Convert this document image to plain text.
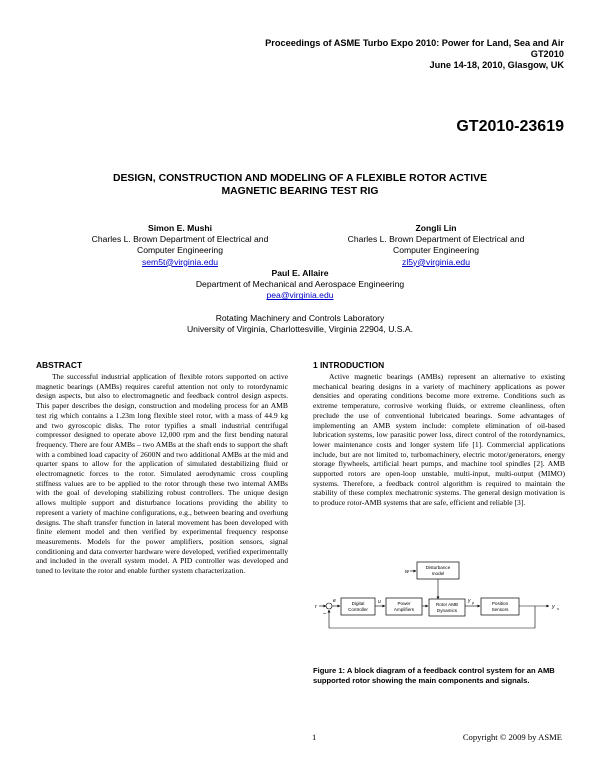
Proceedings of ASME Turbo Expo 2010: Power for Land, Sea and Air
GT2010
June 14-18, 2010, Glasgow, UK
GT2010-23619
DESIGN, CONSTRUCTION AND MODELING OF A FLEXIBLE ROTOR ACTIVE
MAGNETIC BEARING TEST RIG
Simon E. Mushi
Charles L. Brown Department of Electrical and
Computer Engineering
sem5t@virginia.edu
Zongli Lin
Charles L. Brown Department of Electrical and
Computer Engineering
zl5y@virginia.edu
Paul E. Allaire
Department of Mechanical and Aerospace Engineering
pea@virginia.edu
Rotating Machinery and Controls Laboratory
University of Virginia, Charlottesville, Virginia 22904, U.S.A.
ABSTRACT

The successful industrial application of flexible rotors supported on active magnetic bearings (AMBs) requires careful attention not only to rotordynamic design aspects, but also to electromagnetic and feedback control design aspects. This paper describes the design, construction and modeling process for an AMB test rig which contains a 1.23m long flexible steel rotor, with a mass of 44.9 kg and two gyroscopic disks. The rotor typifies a small industrial centrifugal compressor designed to operate above 12,000 rpm and the first bending natural frequency. There are four AMBs – two AMBs at the shaft ends to support the shaft with a combined load capacity of 2600N and two additional AMBs at the mid and quarter spans to allow for the application of simulated destabilizing fluid or electromagnetic forces to the rotor. Simulated aerodynamic cross coupling stiffness values are to be applied to the rotor through these two internal AMBs with the goal of developing stabilizing robust controllers. The unique design allows multiple support and disturbance locations providing the ability to represent a variety of machine configurations, e.g., between bearing and overhung designs. The shaft transfer function in lateral movement has been developed with finite element model and then verified by experimental frequency response measurements. Models for the power amplifiers, position sensors, signal conditioning and data converter hardware were developed, verified experimentally and included in the overall system model. A PID controller was developed and tuned to levitate the rotor and enable further system characterization.

1 INTRODUCTION

Active magnetic bearings (AMBs) represent an alternative to existing mechanical bearing designs in a variety of machinery applications as power densities and operating conditions become more extreme. Conditions such as extreme temperature, corrosive working fluids, or extreme cleanliness, often preclude the use of conventional lubricated bearings. Some advantages of implementing an AMB system include: complete elimination of oil-based lubrication systems, low parasitic power loss, direct control of the rotordynamics, lower maintenance costs and longer system life [1]. Commercial applications include, but are not limited to, turbomachinery, electric motor/generators, energy storage flywheels, artificial heart pumps, and machine tool spindles [2]. AMB supported rotors are open-loop unstable, multi-input, multi-output (MIMO) systems. Therefore, a feedback control algorithm is required to maintain the stability of these complex mechatronic systems. The general design motivation is to produce rotor-AMB systems that are safe, efficient and reliable [3].

Disturbance
model
w
r
e
–
Digital
Controller
u	Power
Amplifiers
Rotor AMB
Dynamics
y p	Position
Sensors	y s
Figure 1: A block diagram of a feedback control system for an AMB supported rotor showing the main components and signals.
1	Copyright © 2009 by ASME
